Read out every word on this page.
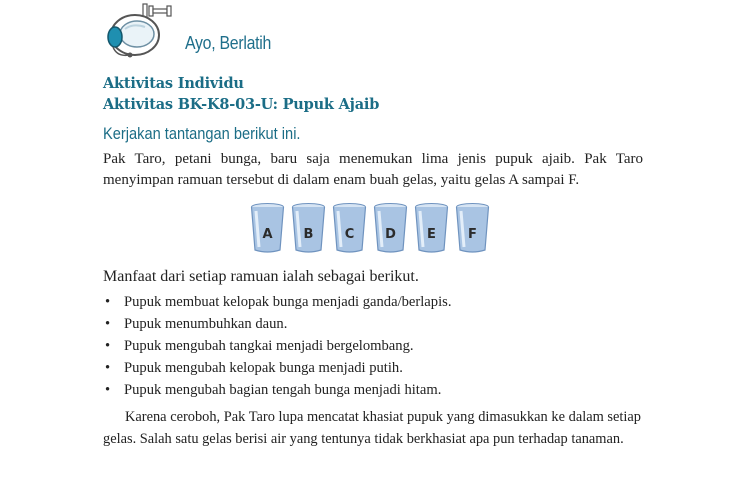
Ayo, Berlatih
Aktivitas Individu
Aktivitas BK-K8-03-U: Pupuk Ajaib
Kerjakan tantangan berikut ini.
Pak Taro, petani bunga, baru saja menemukan lima jenis pupuk ajaib. Pak Taro menyimpan ramuan tersebut di dalam enam buah gelas, yaitu gelas A sampai F.
A	B	C	D	E	F
Manfaat dari setiap ramuan ialah sebagai berikut.
• Pupuk membuat kelopak bunga menjadi ganda/berlapis.
• Pupuk menumbuhkan daun.
• Pupuk mengubah tangkai menjadi bergelombang.
• Pupuk mengubah kelopak bunga menjadi putih.
• Pupuk mengubah bagian tengah bunga menjadi hitam.
Karena ceroboh, Pak Taro lupa mencatat khasiat pupuk yang dimasukkan ke dalam setiap gelas. Salah satu gelas berisi air yang tentunya tidak berkhasiat apa pun terhadap tanaman.
